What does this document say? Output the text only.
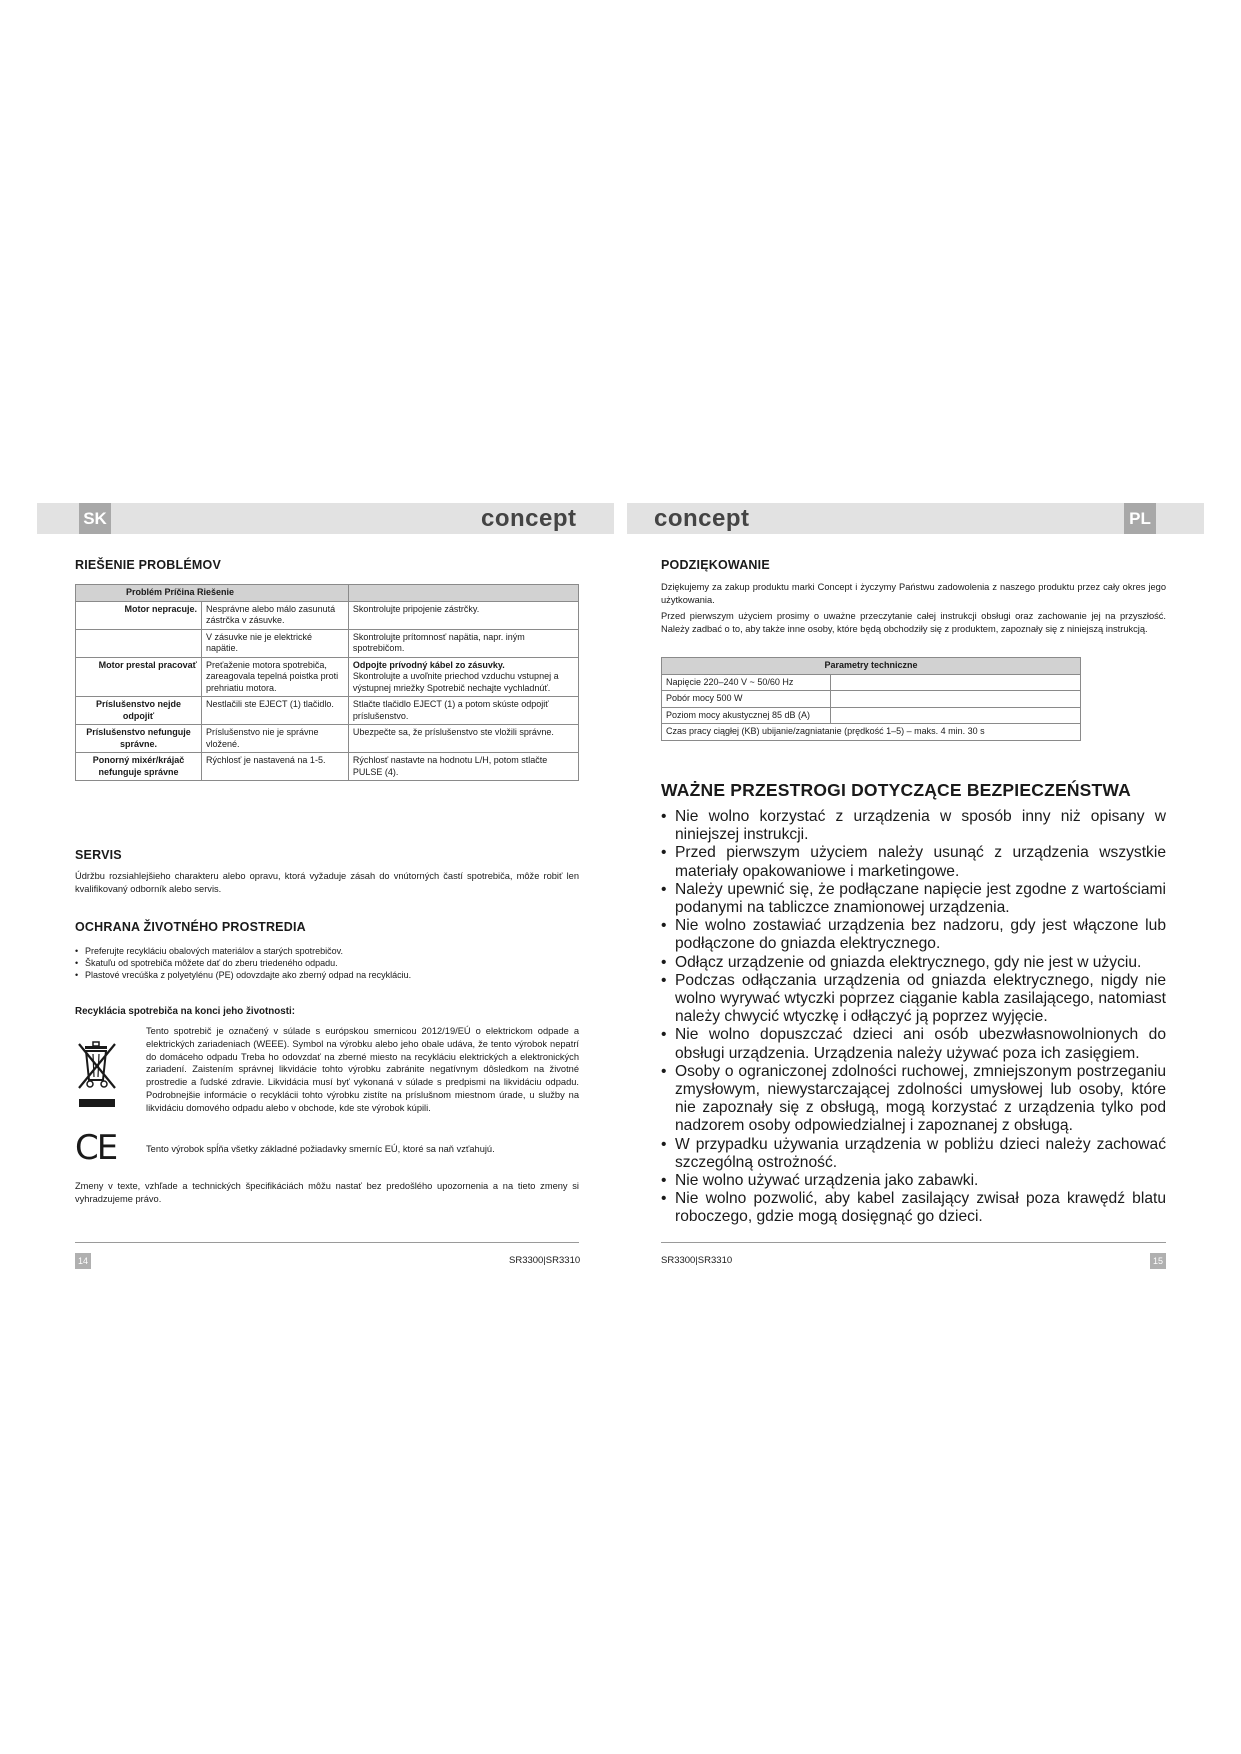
SK	PL
concept	concept
RIEŠENIE PROBLÉMOV
Problém Príčina Riešenie		
Motor nepracuje.	Nesprávne alebo málo zasunutá zástrčka v zásuvke.	Skontrolujte pripojenie zástrčky.
	V zásuvke nie je elektrické napätie.	Skontrolujte prítomnosť napätia, napr. iným spotrebičom.
Motor prestal pracovať	Preťaženie motora spotrebiča, zareagovala tepelná poistka proti prehriatiu motora.	Odpojte prívodný kábel zo zásuvky.
Skontrolujte a uvoľnite priechod vzduchu vstupnej a výstupnej mriežky Spotrebič nechajte vychladnúť.

Príslušenstvo nejde odpojiť	Nestlačili ste EJECT (1) tlačidlo.	Stlačte tlačidlo EJECT (1) a potom skúste odpojiť príslušenstvo.
Príslušenstvo nefunguje správne.	Príslušenstvo nie je správne vložené.	Ubezpečte sa, že príslušenstvo ste vložili správne.
Ponorný mixér/krájač nefunguje správne	Rýchlosť je nastavená na 1-5.	Rýchlosť nastavte na hodnotu L/H, potom stlačte PULSE (4).
SERVIS
Údržbu rozsiahlejšieho charakteru alebo opravu, ktorá vyžaduje zásah do vnútorných častí spotrebiča, môže robiť len kvalifikovaný odborník alebo servis.
OCHRANA ŽIVOTNÉHO PROSTREDIA
• Preferujte recykláciu obalových materiálov a starých spotrebičov.
• Škatuľu od spotrebiča môžete dať do zberu triedeného odpadu.
• Plastové vrecúška z polyetylénu (PE) odovzdajte ako zberný odpad na recykláciu.
Recyklácia spotrebiča na konci jeho životnosti:
Tento spotrebič je označený v súlade s európskou smernicou 2012/19/EÚ o elektrickom odpade a elektrických zariadeniach (WEEE). Symbol na výrobku alebo jeho obale udáva, že tento výrobok nepatrí do domáceho odpadu Treba ho odovzdať na zberné miesto na recykláciu elektrických a elektronických zariadení. Zaistením správnej likvidácie tohto výrobku zabránite negatívnym dôsledkom na životné prostredie a ľudské zdravie. Likvidácia musí byť vykonaná v súlade s predpismi na likvidáciu odpadu. Podrobnejšie informácie o recyklácii tohto výrobku zistíte na príslušnom miestnom úrade, u služby na likvidáciu domového odpadu alebo v obchode, kde ste výrobok kúpili.
CE	Tento výrobok spĺňa všetky základné požiadavky smerníc EÚ, ktoré sa naň vzťahujú.
Zmeny v texte, vzhľade a technických špecifikáciách môžu nastať bez predošlého upozornenia a na tieto zmeny si vyhradzujeme právo.
14	SR3300|SR3310
PODZIĘKOWANIE
Dziękujemy za zakup produktu marki Concept i życzymy Państwu zadowolenia z naszego produktu przez cały okres jego użytkowania.
Przed pierwszym użyciem prosimy o uważne przeczytanie całej instrukcji obsługi oraz zachowanie jej na przyszłość. Należy zadbać o to, aby także inne osoby, które będą obchodziły się z produktem, zapoznały się z niniejszą instrukcją.
Parametry techniczne	
Napięcie 220–240 V ~ 50/60 Hz	
Pobór mocy 500 W	
Poziom mocy akustycznej 85 dB (A)	
Czas pracy ciągłej (KB) ubijanie/zagniatanie (prędkość 1–5) – maks. 4 min. 30 s	
WAŻNE PRZESTROGI DOTYCZĄCE BEZPIECZEŃSTWA
• Nie wolno korzystać z urządzenia w sposób inny niż opisany w niniejszej instrukcji.
• Przed pierwszym użyciem należy usunąć z urządzenia wszystkie materiały opakowaniowe i marketingowe.
• Należy upewnić się, że podłączane napięcie jest zgodne z wartościami podanymi na tabliczce znamionowej urządzenia.
• Nie wolno zostawiać urządzenia bez nadzoru, gdy jest włączone lub podłączone do gniazda elektrycznego.
• Odłącz urządzenie od gniazda elektrycznego, gdy nie jest w użyciu.
• Podczas odłączania urządzenia od gniazda elektrycznego, nigdy nie wolno wyrywać wtyczki poprzez ciąganie kabla zasilającego, natomiast należy chwycić wtyczkę i odłączyć ją poprzez wyjęcie.
• Nie wolno dopuszczać dzieci ani osób ubezwłasnowolnionych do obsługi urządzenia. Urządzenia należy używać poza ich zasięgiem.
• Osoby o ograniczonej zdolności ruchowej, zmniejszonym postrzeganiu zmysłowym, niewystarczającej zdolności umysłowej lub osoby, które nie zapoznały się z obsługą, mogą korzystać z urządzenia tylko pod nadzorem osoby odpowiedzialnej i zapoznanej z obsługą.
• W przypadku używania urządzenia w pobliżu dzieci należy zachować szczególną ostrożność.
• Nie wolno używać urządzenia jako zabawki.
• Nie wolno pozwolić, aby kabel zasilający zwisał poza krawędź blatu roboczego, gdzie mogą dosięgnąć go dzieci.
SR3300|SR3310	15
